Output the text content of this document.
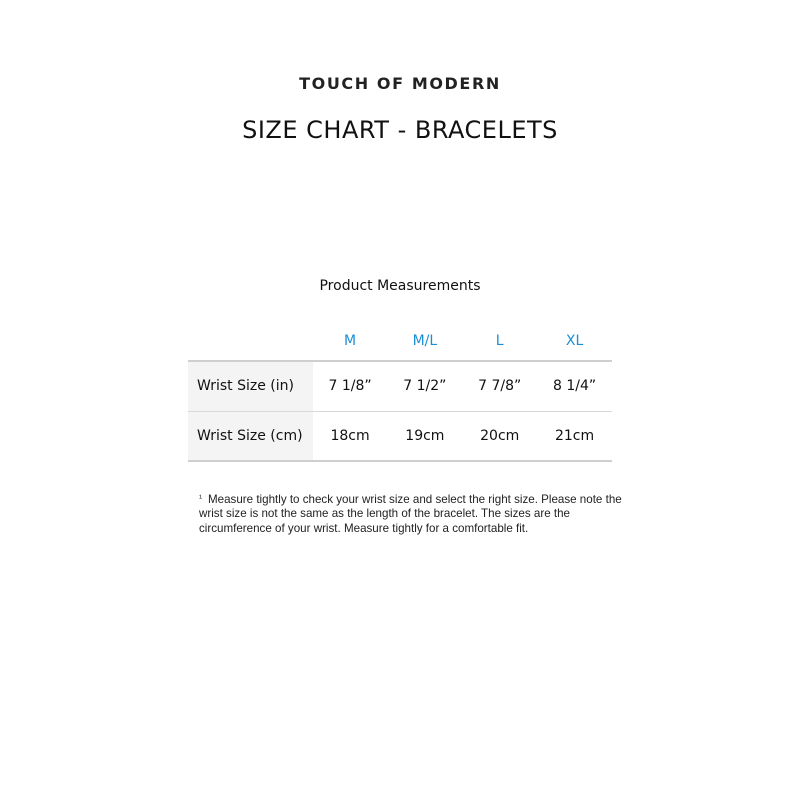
TOUCH OF MODERN
SIZE CHART - BRACELETS
Product Measurements
	M	M/L	L	XL
Wrist Size (in)	7 1/8”	7 1/2”	7 7/8”	8 1/4”
Wrist Size (cm)	18cm	19cm	20cm	21cm
¹ Measure tightly to check your wrist size and select the right size. Please note the wrist size is not the same as the length of the bracelet. The sizes are the circumference of your wrist. Measure tightly for a comfortable fit.
